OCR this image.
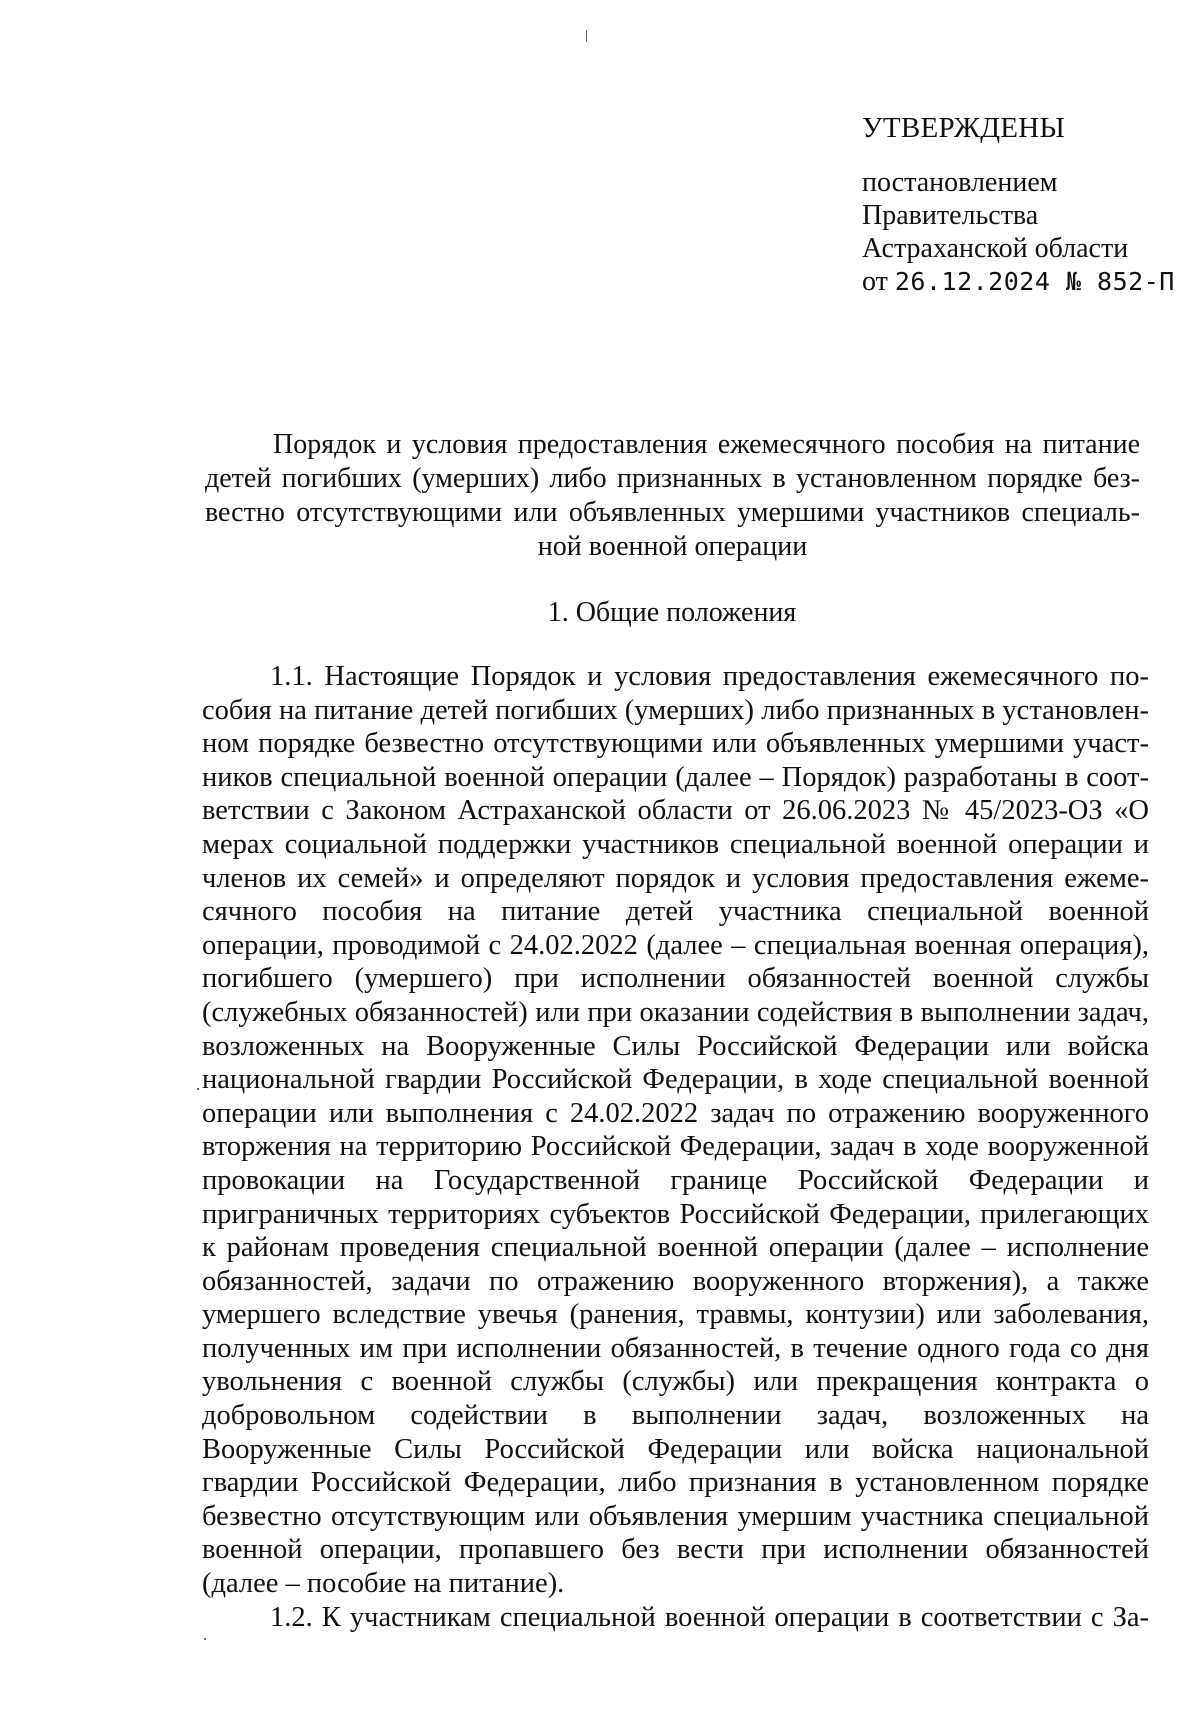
УТВЕРЖДЕНЫ
постановлением
Правительства
Астраханской области
от 26.12.2024 № 852-П
Порядок и условия предоставления ежемесячного пособия на питание детей погибших (умерших) либо признанных в установленном порядке безвестно отсутствующими или объявленных умершими участников специальной военной операции
1. Общие положения

1.1. Настоящие Порядок и условия предоставления ежемесячного пособия на питание детей погибших (умерших) либо признанных в установленном порядке безвестно отсутствующими или объявленных умершими участников специальной военной операции (далее – Порядок) разработаны в соответствии с Законом Астраханской области от 26.06.2023 № 45/2023-ОЗ «О мерах социальной поддержки участников специальной военной операции и членов их семей» и определяют порядок и условия предоставления ежемесячного пособия на питание детей участника специальной военной операции, проводимой с 24.02.2022 (далее – специальная военная операция), погибшего (умершего) при исполнении обязанностей военной службы (служебных обязанностей) или при оказании содействия в выполнении задач, возложенных на Вооруженные Силы Российской Федерации или войска национальной гвардии Российской Федерации, в ходе специальной военной операции или выполнения с 24.02.2022 задач по отражению вооруженного вторжения на территорию Российской Федерации, задач в ходе вооруженной провокации на Государственной границе Российской Федерации и приграничных территориях субъектов Российской Федерации, прилегающих к районам проведения специальной военной операции (далее – исполнение обязанностей, задачи по отражению вооруженного вторжения), а также умершего вследствие увечья (ранения, травмы, контузии) или заболевания, полученных им при исполнении обязанностей, в течение одного года со дня увольнения с военной службы (службы) или прекращения контракта о добровольном содействии в выполнении задач, возложенных на Вооруженные Силы Российской Федерации или войска национальной гвардии Российской Федерации, либо признания в установленном порядке безвестно отсутствующим или объявления умершим участника специальной военной операции, пропавшего без вести при исполнении обязанностей (далее – пособие на питание).

1.2. К участникам специальной военной операции в соответствии с За-
